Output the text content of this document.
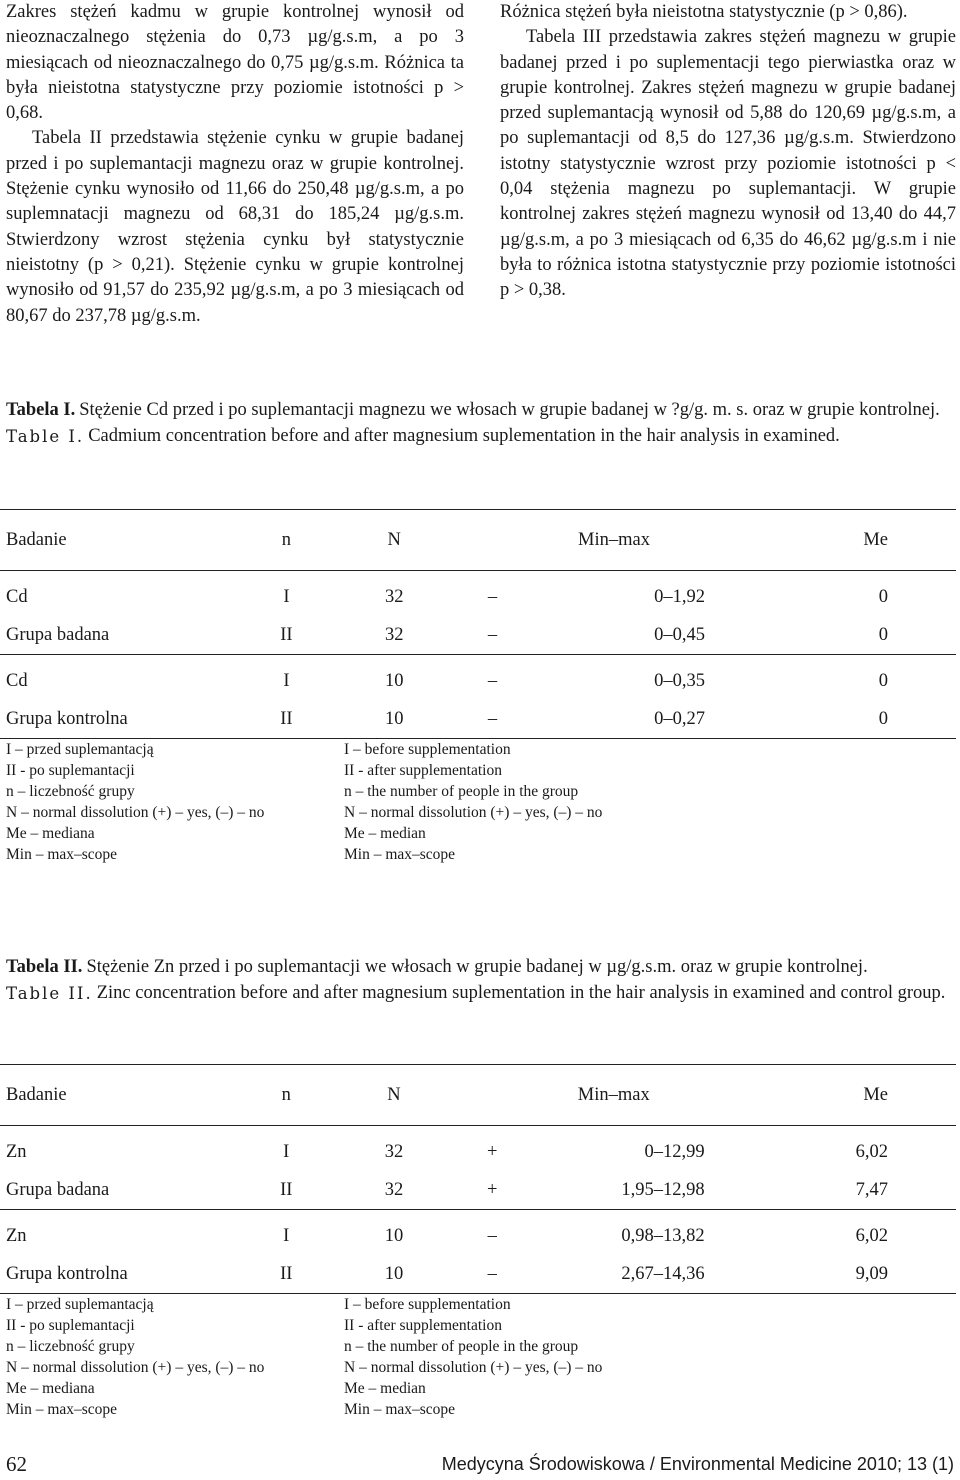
Zakres stężeń kadmu w grupie kontrolnej wynosił od nieoznaczalnego stężenia do 0,73 µg/g.s.m, a po 3 miesiącach od nieoznaczalnego do 0,75 µg/g.s.m. Różnica ta była nieistotna statystyczne przy poziomie istotności p > 0,68.

Tabela II przedstawia stężenie cynku w grupie badanej przed i po suplemantacji magnezu oraz w grupie kontrolnej. Stężenie cynku wynosiło od 11,66 do 250,48 µg/g.s.m, a po suplemnatacji magnezu od 68,31 do 185,24 µg/g.s.m. Stwierdzony wzrost stężenia cynku był statystycznie nieistotny (p > 0,21). Stężenie cynku w grupie kontrolnej wynosiło od 91,57 do 235,92 µg/g.s.m, a po 3 miesiącach od 80,67 do 237,78 µg/g.s.m.

Różnica stężeń była nieistotna statystycznie (p > 0,86).

Tabela III przedstawia zakres stężeń magnezu w grupie badanej przed i po suplementacji tego pierwiastka oraz w grupie kontrolnej. Zakres stężeń magnezu w grupie badanej przed suplemantacją wynosił od 5,88 do 120,69 µg/g.s.m, a po suplemantacji od 8,5 do 127,36 µg/g.s.m. Stwierdzono istotny statystycznie wzrost przy poziomie istotności p < 0,04 stężenia magnezu po suplemantacji. W grupie kontrolnej zakres stężeń magnezu wynosił od 13,40 do 44,7 µg/g.s.m, a po 3 miesiącach od 6,35 do 46,62 µg/g.s.m i nie była to różnica istotna statystycznie przy poziomie istotności p > 0,38.

Tabela I. Stężenie Cd przed i po suplemantacji magnezu we włosach w grupie badanej w ?g/g. m. s. oraz w grupie kontrolnej.
Table I. Cadmium concentration before and after magnesium suplementation in the hair analysis in examined.
Badanie	n	N		Min–max	Me
Cd	I	32	–	0–1,92	0
Grupa badana	II	32	–	0–0,45	0
Cd	I	10	–	0–0,35	0
Grupa kontrolna	II	10	–	0–0,27	0
I – przed suplemantacją
II - po suplemantacji
n – liczebność grupy
N – normal dissolution (+) – yes, (–) – no
Me – mediana
Min – max–scope
I – before supplementation
II - after supplementation
n – the number of people in the group
N – normal dissolution (+) – yes, (–) – no
Me – median
Min – max–scope
Tabela II. Stężenie Zn przed i po suplemantacji we włosach w grupie badanej w µg/g.s.m. oraz w grupie kontrolnej.
Table II. Zinc concentration before and after magnesium suplementation in the hair analysis in examined and control group.
Badanie	n	N		Min–max	Me
Zn	I	32	+	0–12,99	6,02
Grupa badana	II	32	+	1,95–12,98	7,47
Zn	I	10	–	0,98–13,82	6,02
Grupa kontrolna	II	10	–	2,67–14,36	9,09
I – przed suplemantacją
II - po suplemantacji
n – liczebność grupy
N – normal dissolution (+) – yes, (–) – no
Me – mediana
Min – max–scope
I – before supplementation
II - after supplementation
n – the number of people in the group
N – normal dissolution (+) – yes, (–) – no
Me – median
Min – max–scope
62	Medycyna Środowiskowa / Environmental Medicine 2010; 13 (1)
